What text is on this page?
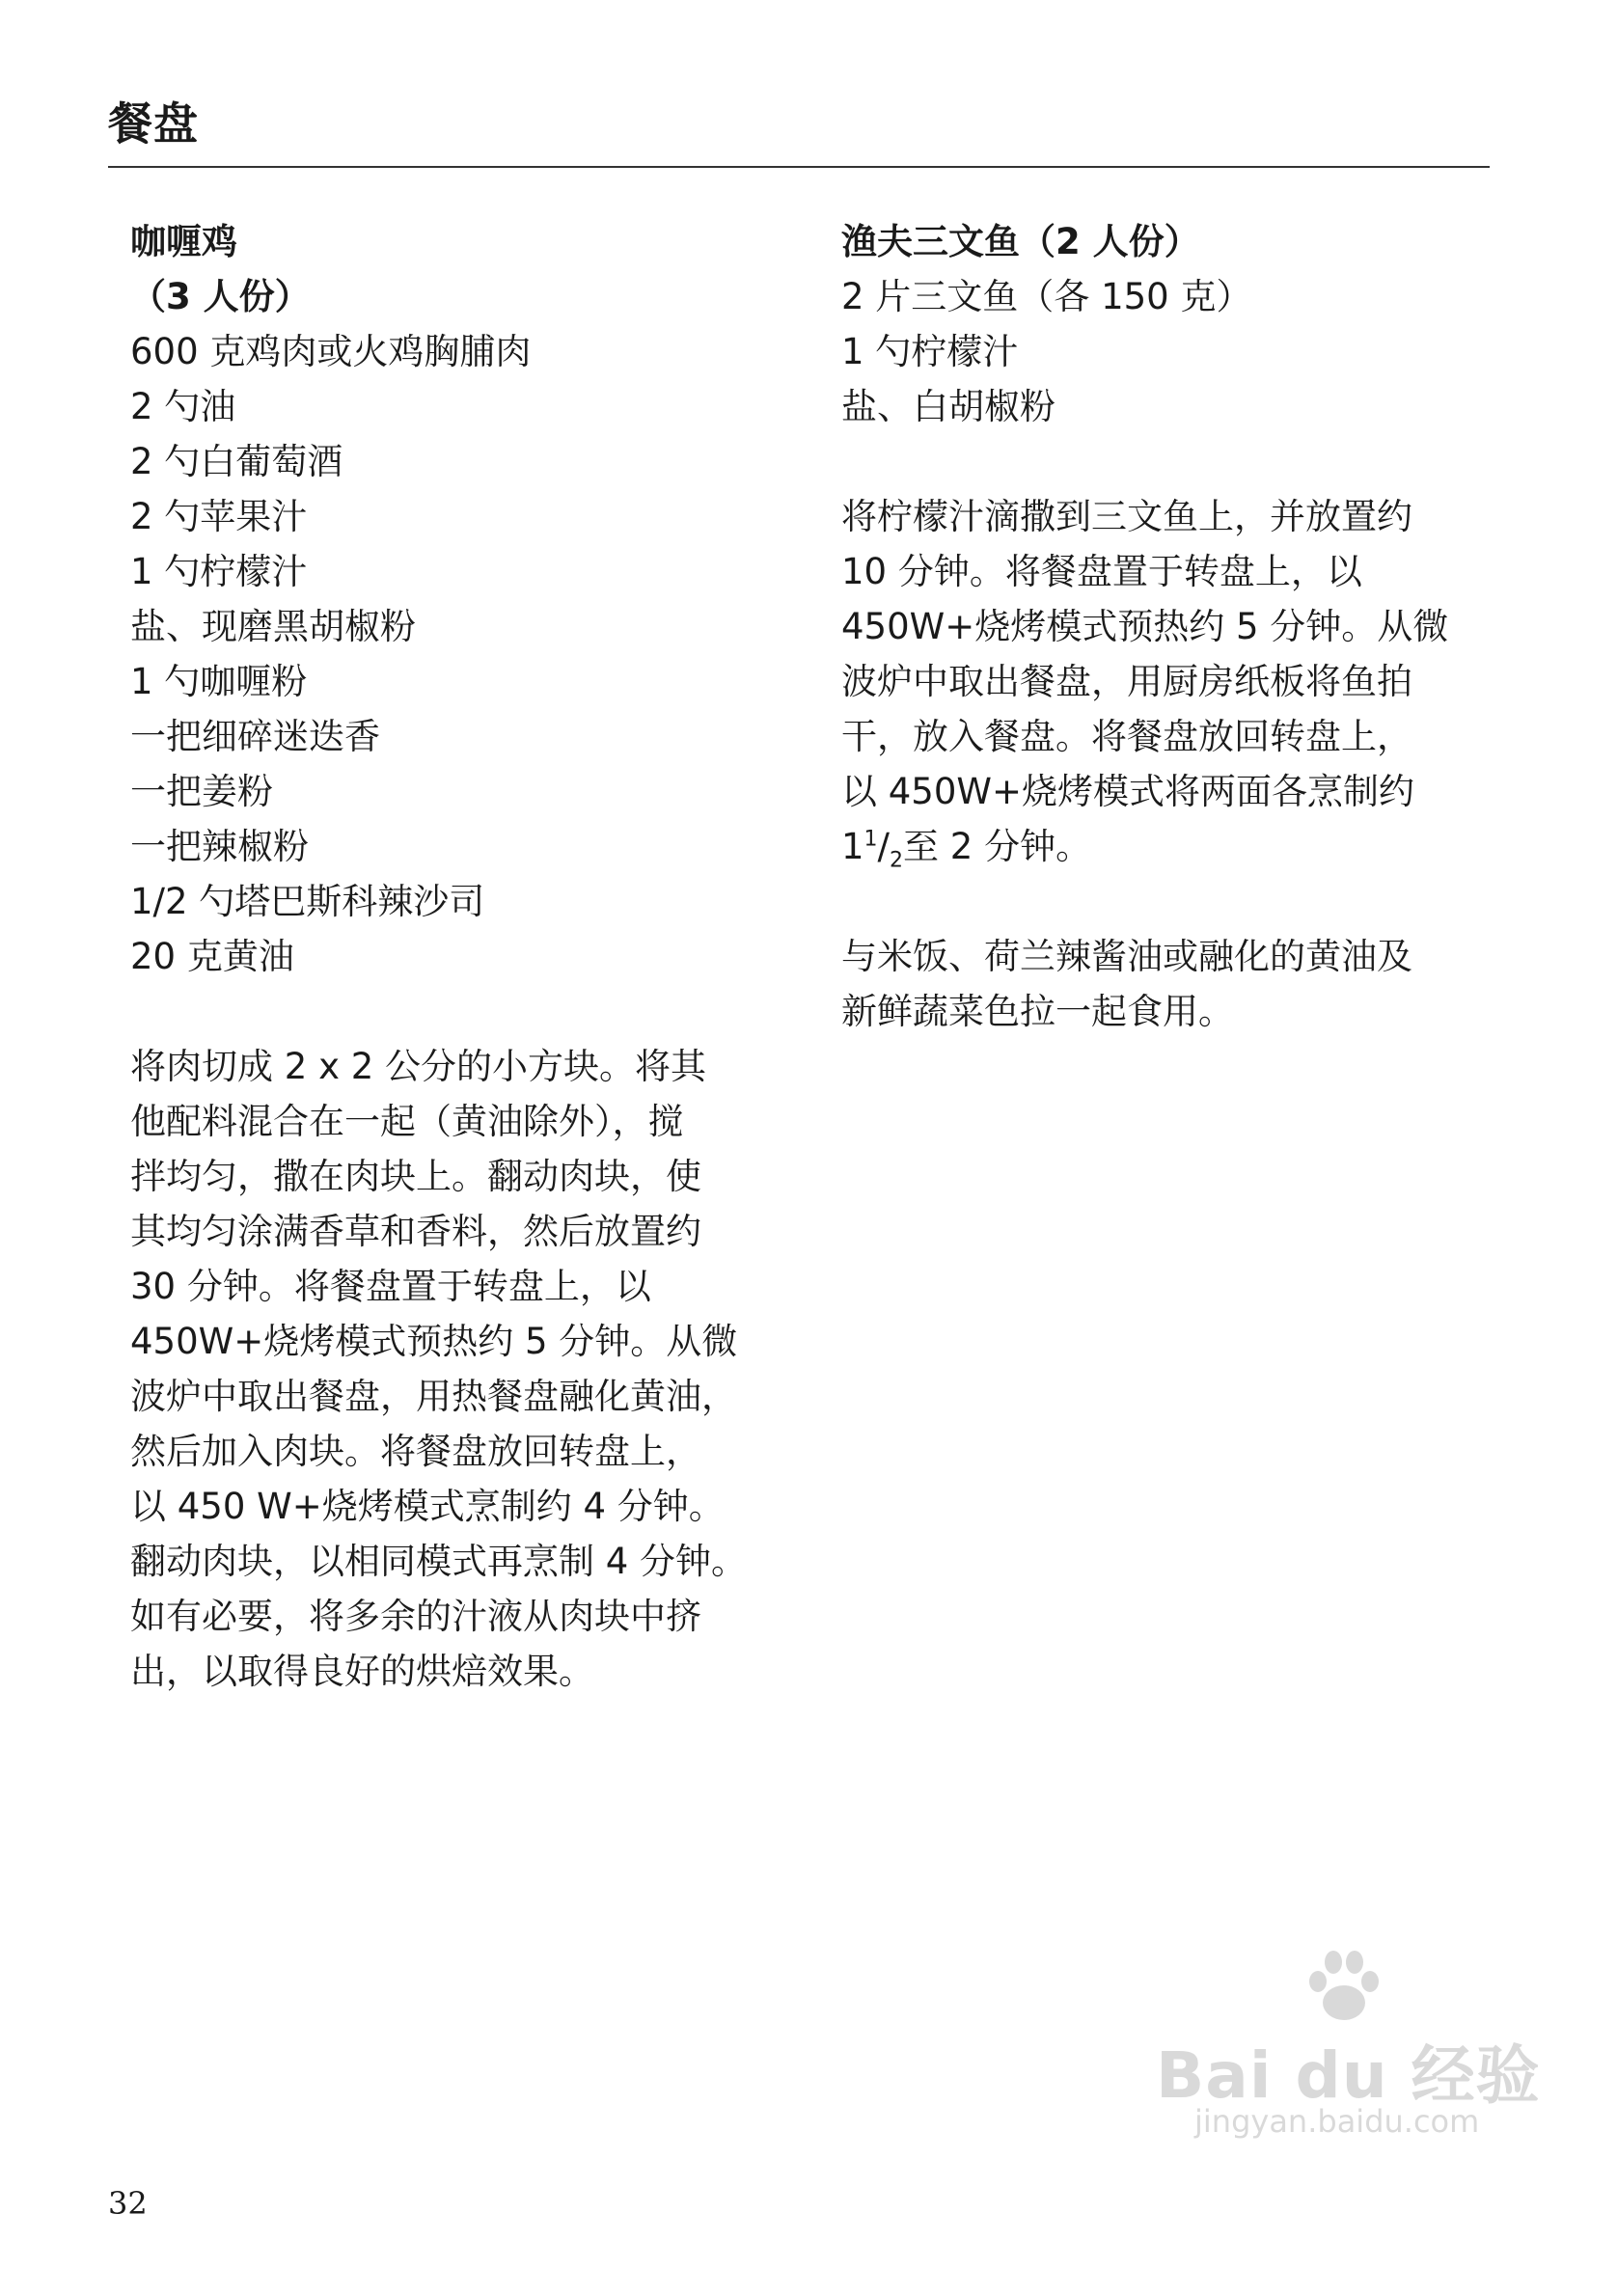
餐盘
咖喱鸡
（3 人份）
600 克鸡肉或火鸡胸脯肉
2 勺油
2 勺白葡萄酒
2 勺苹果汁
1 勺柠檬汁
盐、现磨黑胡椒粉
1 勺咖喱粉
一把细碎迷迭香
一把姜粉
一把辣椒粉
1/2 勺塔巴斯科辣沙司
20 克黄油
将肉切成 2 x 2 公分的小方块。将其
他配料混合在一起（黄油除外），搅
拌均匀，撒在肉块上。翻动肉块，使
其均匀涂满香草和香料，然后放置约
30 分钟。将餐盘置于转盘上，以
450W+烧烤模式预热约 5 分钟。从微
波炉中取出餐盘，用热餐盘融化黄油，
然后加入肉块。将餐盘放回转盘上，
以 450 W+烧烤模式烹制约 4 分钟。
翻动肉块，以相同模式再烹制 4 分钟。
如有必要，将多余的汁液从肉块中挤
出，以取得良好的烘焙效果。
渔夫三文鱼（2 人份）
2 片三文鱼（各 150 克）
1 勺柠檬汁
盐、白胡椒粉
将柠檬汁滴撒到三文鱼上，并放置约
10 分钟。将餐盘置于转盘上，以
450W+烧烤模式预热约 5 分钟。从微
波炉中取出餐盘，用厨房纸板将鱼拍
干，放入餐盘。将餐盘放回转盘上，
以 450W+烧烤模式将两面各烹制约
$1^1/_2$至 2 分钟。
与米饭、荷兰辣酱油或融化的黄油及
新鲜蔬菜色拉一起食用。
32
Bai du 经验
jingyan.baidu.com
